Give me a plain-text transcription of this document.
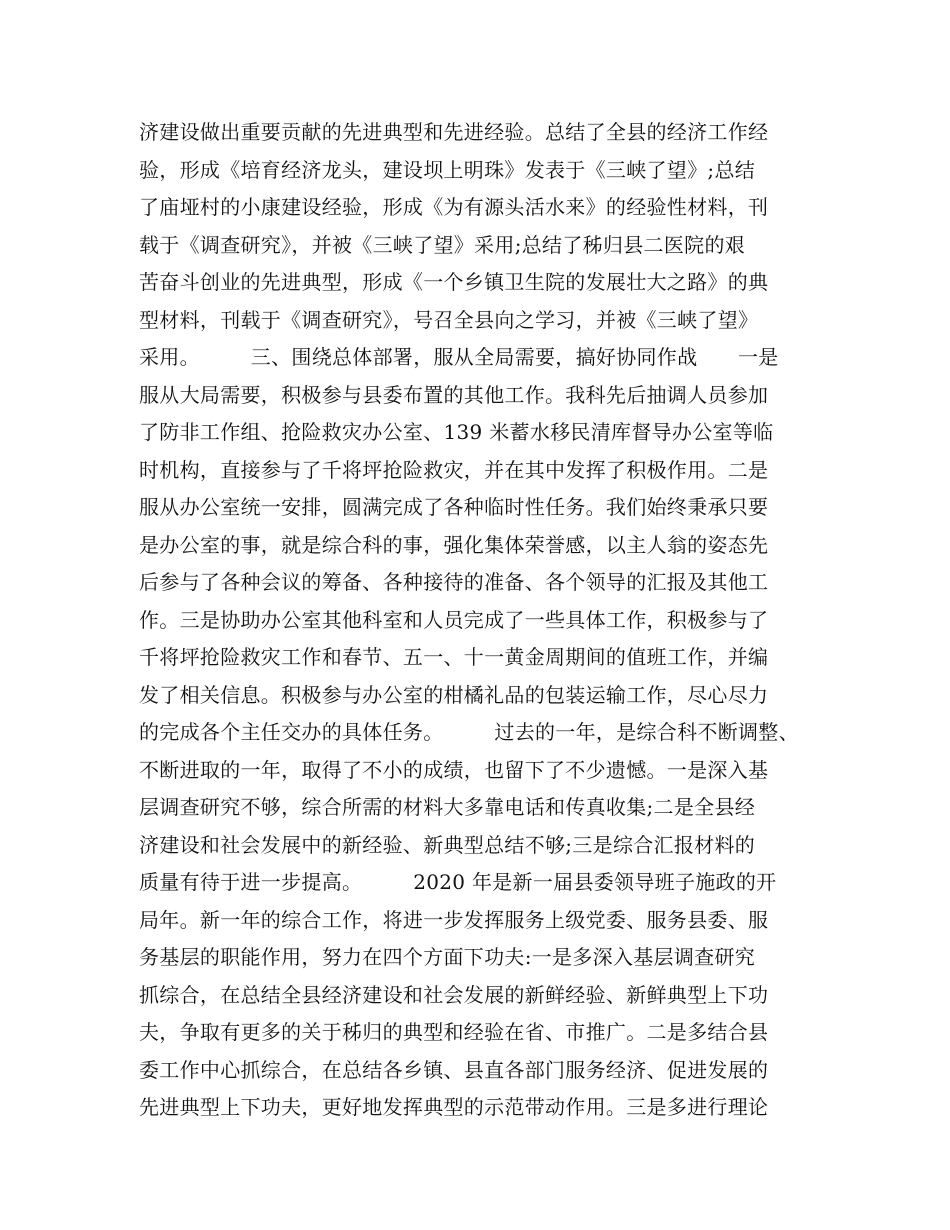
济建设做出重要贡献的先进典型和先进经验。总结了全县的经济工作经
验，形成《培育经济龙头，建设坝上明珠》发表于《三峡了望》;总结
了庙垭村的小康建设经验，形成《为有源头活水来》的经验性材料，刊
载于《调查研究》，并被《三峡了望》采用;总结了秭归县二医院的艰
苦奋斗创业的先进典型，形成《一个乡镇卫生院的发展壮大之路》的典
型材料，刊载于《调查研究》，号召全县向之学习，并被《三峡了望》
采用。　　　三、围绕总体部署，服从全局需要，搞好协同作战　　一是
服从大局需要，积极参与县委布置的其他工作。我科先后抽调人员参加
了防非工作组、抢险救灾办公室、139 米蓄水移民清库督导办公室等临
时机构，直接参与了千将坪抢险救灾，并在其中发挥了积极作用。二是
服从办公室统一安排，圆满完成了各种临时性任务。我们始终秉承只要
是办公室的事，就是综合科的事，强化集体荣誉感，以主人翁的姿态先
后参与了各种会议的筹备、各种接待的准备、各个领导的汇报及其他工
作。三是协助办公室其他科室和人员完成了一些具体工作，积极参与了
千将坪抢险救灾工作和春节、五一、十一黄金周期间的值班工作，并编
发了相关信息。积极参与办公室的柑橘礼品的包装运输工作，尽心尽力
的完成各个主任交办的具体任务。　　　过去的一年，是综合科不断调整、
不断进取的一年，取得了不小的成绩，也留下了不少遗憾。一是深入基
层调查研究不够，综合所需的材料大多靠电话和传真收集;二是全县经
济建设和社会发展中的新经验、新典型总结不够;三是综合汇报材料的
质量有待于进一步提高。　　　2020 年是新一届县委领导班子施政的开
局年。新一年的综合工作，将进一步发挥服务上级党委、服务县委、服
务基层的职能作用，努力在四个方面下功夫:一是多深入基层调查研究
抓综合，在总结全县经济建设和社会发展的新鲜经验、新鲜典型上下功
夫，争取有更多的关于秭归的典型和经验在省、市推广。二是多结合县
委工作中心抓综合，在总结各乡镇、县直各部门服务经济、促进发展的
先进典型上下功夫，更好地发挥典型的示范带动作用。三是多进行理论
